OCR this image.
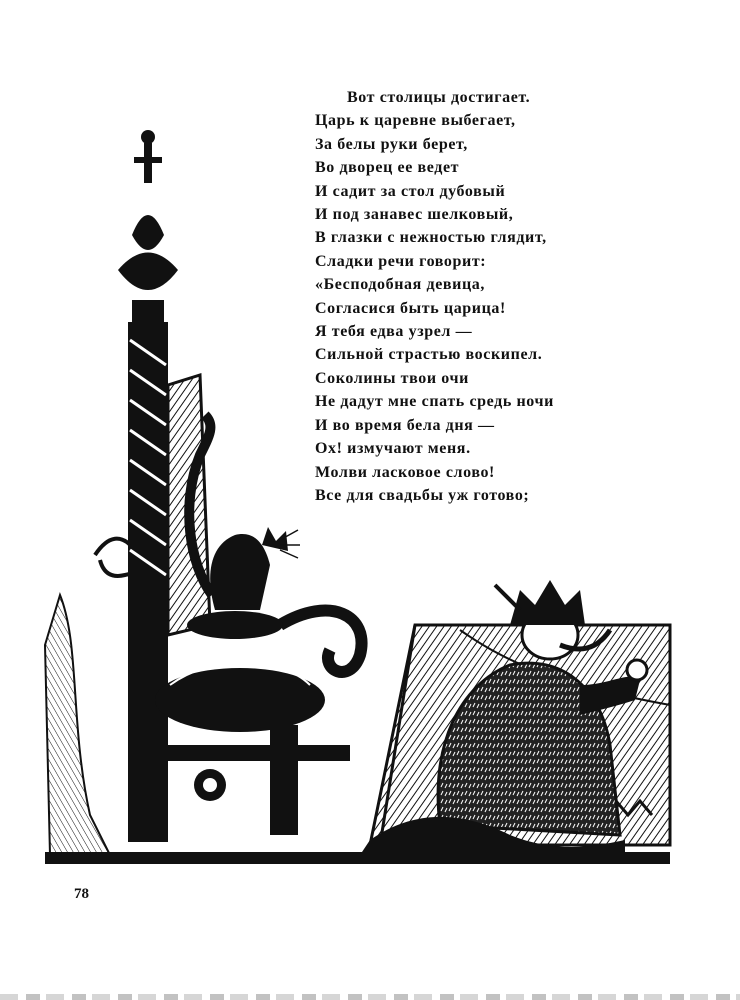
Вот столицы достигает.
Царь к царевне выбегает,
За белы руки берет,
Во дворец ее ведет
И садит за стол дубовый
И под занавес шелковый,
В глазки с нежностью глядит,
Сладки речи говорит:
«Бесподобная девица,
Согласися быть царица!
Я тебя едва узрел —
Сильной страстью воскипел.
Соколины твои очи
Не дадут мне спать средь ночи
И во время бела дня —
Ох! измучают меня.
Молви ласковое слово!
Все для свадьбы уж готово;
78
